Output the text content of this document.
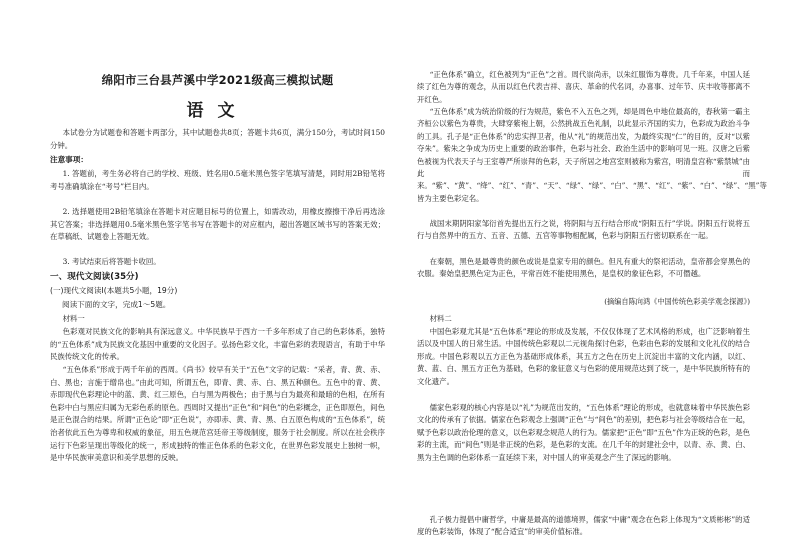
绵阳市三台县芦溪中学2021级高三模拟试题
语文

本试卷分为试题卷和答题卡两部分，其中试题卷共8页；答题卡共6页，满分150分，考试时间150分钟。

注意事项：

1. 答题前，考生务必将自己的学校、班级、姓名用0.5毫米黑色签字笔填写清楚，同时用2B铅笔将考号准确填涂在“考号”栏目内。

2. 选择题使用2B铅笔填涂在答题卡对应题目标号的位置上，如需改动，用橡皮擦擦干净后再选涂其它答案；非选择题用0.5毫米黑色签字笔书写在答题卡的对应框内，超出答题区域书写的答案无效；在草稿纸、试题卷上答题无效。

3. 考试结束后将答题卡收回。

一、现代文阅读(35分)

(一)现代文阅读I(本题共5小题，19分)

阅读下面的文字，完成1～5题。

材料一

色彩观对民族文化的影响具有深远意义。中华民族早于西方一千多年形成了自己的色彩体系，独特的“五色体系”成为民族文化基因中重要的文化因子。弘扬色彩文化，丰富色彩的表现语言，有助于中华民族传统文化的传承。

“五色体系”形成于两千年前的西周。《尚书》较早有关于“五色”文字的记载：“采者，青、黄、赤、白、黑也；言施于缯帛也。”由此可知，所谓五色，即青、黄、赤、白、黑五种颜色。五色中的青、黄、赤即现代色彩理论中的蓝、黄、红三原色，白与黑为两极色；由于黑与白为最亮和最暗的色相，在所有色彩中白与黑应归属为无彩色系的原色。西周时又提出“正色”和“间色”的色彩概念，正色即原色，间色是正色混合的结果。所谓“正色论”即“正色说”，亦即赤、黄、青、黑、白五原色构成的“五色体系”，统治者依此五色为尊卑和权威的象征，用五色规范宫廷帝王等级制度，服务于社会制度。所以在社会秩序运行下色彩呈现出等级化的统一，形成独特的惟正色体系的色彩文化，在世界色彩发展史上独树一帜，是中华民族审美意识和美学思想的反映。

“正色体系”确立，红色被列为“正色”之首。周代崇尚赤，以朱红服饰为尊贵。几千年来，中国人延续了红色为尊的观念，从而以红色代表吉祥、喜庆、革命的代名词，办喜事、过年节、庆丰收等都离不开红色。

“五色体系”成为统治阶级的行为规范，紫色不入五色之列，却是周色中地位最高的，春秋第一霸主齐桓公以紫色为尊贵，大肆穿紫袍上朝，公然挑战五色礼制，以此显示齐国的实力，色彩成为政治斗争的工具。孔子是“正色体系”的忠实捍卫者，他从“礼”的规范出发，为最终实现“仁”的目的，反对“以紫夺朱”。紫朱之争成为历史上重要的政治事件，色彩与社会、政治生活中的影响可见一班。汉唐之后紫色被视为代表天子与王室尊严所崇拜的色彩，天子所居之地宫室则被称为紫宫，明清皇宫称“紫禁城”由此而来。“紫”、“黄”、“绛”、“红”、“青”、“天”、“绿”、“绿”、“白”、“黑”、“红”、“紫”、“白”、“绿”、“黑”等皆为主要色彩定名。

战国末期阴阳家邹衍首先提出五行之说，将阴阳与五行结合形成“阴阳五行”学说。阴阳五行说将五行与自然界中的五方、五音、五德、五官等事物相配属，色彩与阴阳五行密切联系在一起。

在秦朝，黑色是最尊贵的颜色或说是皇家专用的颜色。但凡有重大的祭祀活动，皇帝都会穿黑色的衣服。秦始皇把黑色定为正色，平常百姓不能使用黑色，是皇权的象征色彩，不可僭越。

(摘编自陈向鸿《中国传统色彩美学观念探源》)

材料二

中国色彩观尤其是“五色体系”理论的形成及发展，不仅仅体现了艺术风格的形成，也广泛影响着生活以及中国人的日常生活。中国传统色彩观以二元视角探讨色彩，色彩由色彩的发展和文化礼仪的结合形成。中国色彩观以五方正色为基础形成体系，其五方之色在历史上沉淀出丰富的文化内涵，以红、黄、蓝、白、黑五方正色为基础，色彩的象征意义与色彩的使用规范达到了统一，是中华民族所特有的文化遗产。

儒家色彩观的核心内容是以“礼”为规范出发的，“五色体系”理论的形成，也就意味着中华民族色彩文化的传承有了依据。儒家在色彩观念上强调“正色”与“间色”的差别，把色彩与社会等级结合在一起，赋予色彩以政治伦理的意义，以色彩观念规范人的行为。儒家把“正色”即“五色”作为正统的色彩，是色彩的主流，而“间色”则是非正统的色彩，是色彩的支流。在几千年的封建社会中，以青、赤、黄、白、黑为主色调的色彩体系一直延续下来，对中国人的审美观念产生了深远的影响。

孔子极力提倡中庸哲学，中庸是最高的道德境界，儒家“中庸”观念在色彩上体现为“文质彬彬”的适度的色彩装饰，体现了“配合适宜”的审美价值标准。
